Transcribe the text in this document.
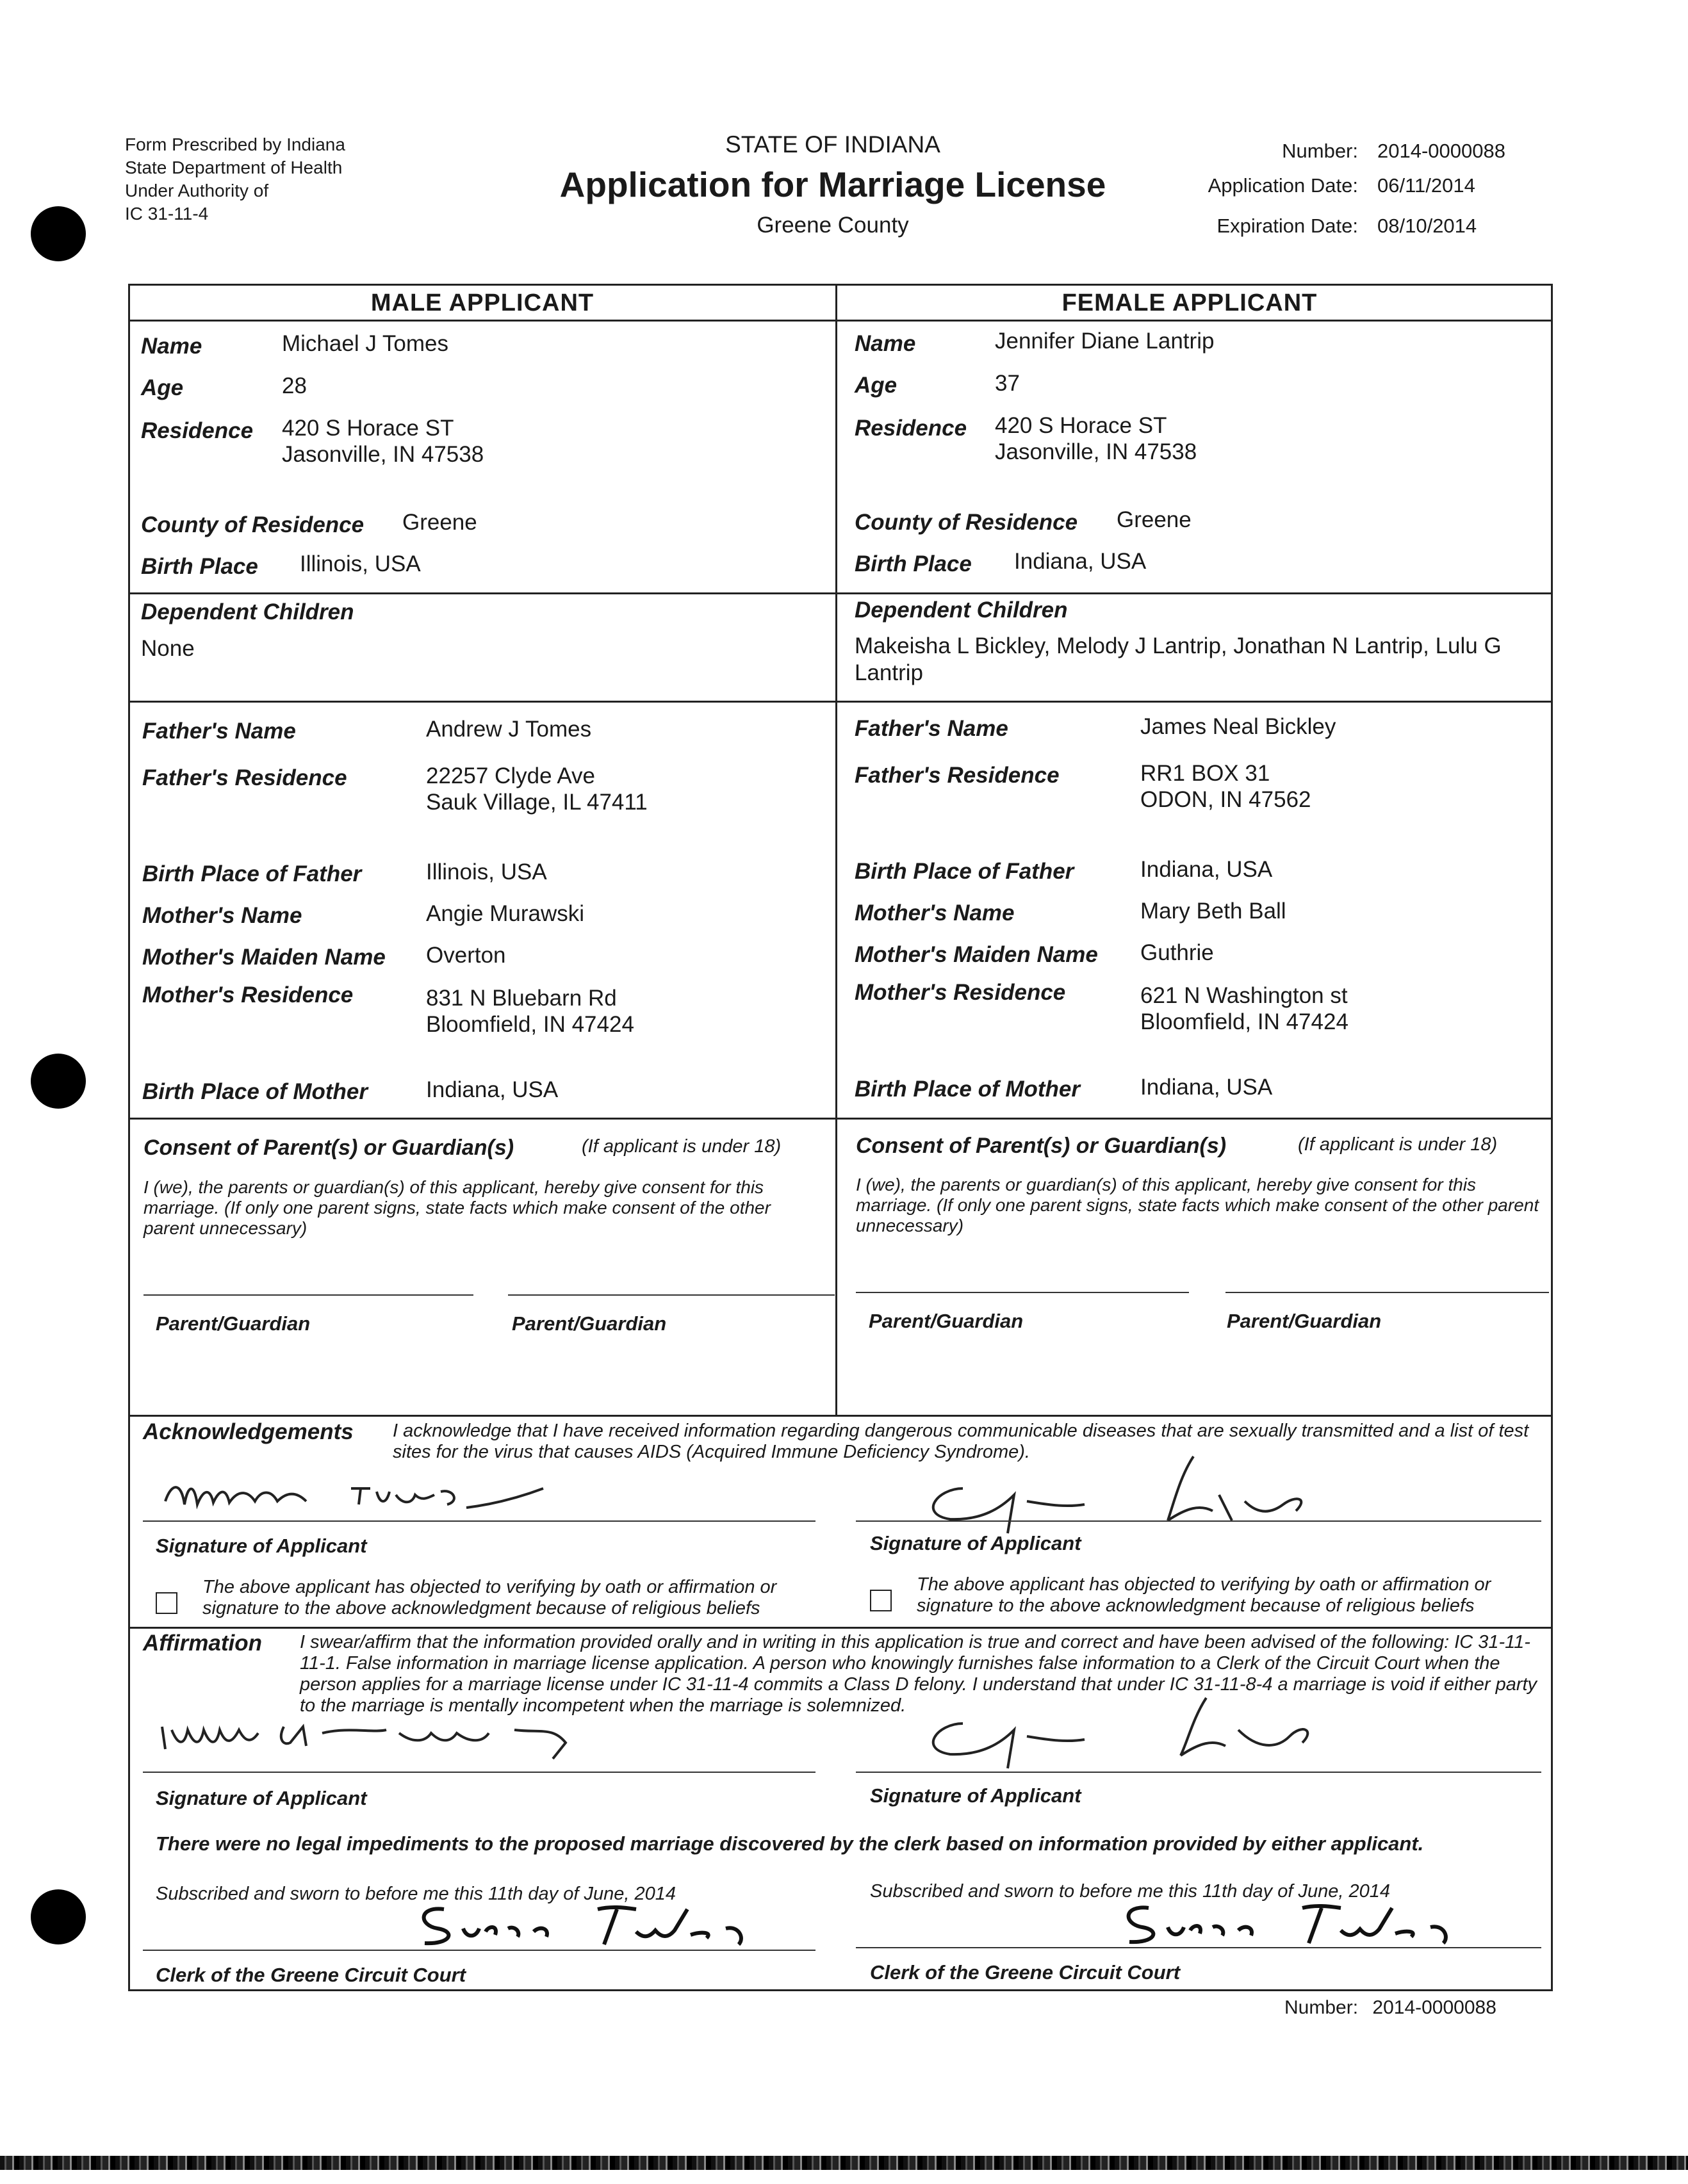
Form Prescribed by Indiana
State Department of Health
Under Authority of
IC 31-11-4
STATE OF INDIANA
Application for Marriage License
Greene County
Number: 2014-0000088
Application Date: 06/11/2014
Expiration Date: 08/10/2014
MALE APPLICANT	FEMALE APPLICANT
Name	Michael J Tomes
Age	28
Residence 420 S Horace ST
Jasonville, IN 47538
County of Residence Greene
Birth Place Illinois, USA
Name	Jennifer Diane Lantrip
Age	37
Residence 420 S Horace ST
Jasonville, IN 47538
County of Residence Greene
Birth Place Indiana, USA
Dependent Children
None
Dependent Children
Makeisha L Bickley, Melody J Lantrip, Jonathan N Lantrip, Lulu G Lantrip
Father's Name	Andrew J Tomes
Father's Residence	22257 Clyde Ave
Sauk Village, IL 47411
Birth Place of Father	Illinois, USA
Mother's Name	Angie Murawski
Mother's Maiden Name Overton
Mother's Residence	831 N Bluebarn Rd
Bloomfield, IN 47424
Birth Place of Mother	Indiana, USA
Father's Name	James Neal Bickley
Father's Residence	RR1 BOX 31
ODON, IN 47562
Birth Place of Father	Indiana, USA
Mother's Name	Mary Beth Ball
Mother's Maiden Name Guthrie
Mother's Residence	621 N Washington st
Bloomfield, IN 47424
Birth Place of Mother	Indiana, USA
Consent of Parent(s) or Guardian(s)	(If applicant is under 18)
I (we), the parents or guardian(s) of this applicant, hereby give consent for this marriage. (If only one parent signs, state facts which make consent of the other parent unnecessary)
Parent/Guardian	Parent/Guardian
Consent of Parent(s) or Guardian(s)	(If applicant is under 18)
I (we), the parents or guardian(s) of this applicant, hereby give consent for this marriage. (If only one parent signs, state facts which make consent of the other parent unnecessary)
Parent/Guardian	Parent/Guardian
Acknowledgements I acknowledge that I have received information regarding dangerous communicable diseases that are sexually transmitted and a list of test sites for the virus that causes AIDS (Acquired Immune Deficiency Syndrome).
Signature of Applicant
The above applicant has objected to verifying by oath or affirmation or signature to the above acknowledgment because of religious beliefs
Signature of Applicant
The above applicant has objected to verifying by oath or affirmation or signature to the above acknowledgment because of religious beliefs
Affirmation I swear/affirm that the information provided orally and in writing in this application is true and correct and have been advised of the following: IC 31-11-11-1. False information in marriage license application. A person who knowingly furnishes false information to a Clerk of the Circuit Court when the person applies for a marriage license under IC 31-11-4 commits a Class D felony. I understand that under IC 31-11-8-4 a marriage is void if either party to the marriage is mentally incompetent when the marriage is solemnized.
Signature of Applicant	Signature of Applicant
There were no legal impediments to the proposed marriage discovered by the clerk based on information provided by either applicant.
Subscribed and sworn to before me this 11th day of June, 2014
Clerk of the Greene Circuit Court
Subscribed and sworn to before me this 11th day of June, 2014
Clerk of the Greene Circuit Court
Number: 2014-0000088
